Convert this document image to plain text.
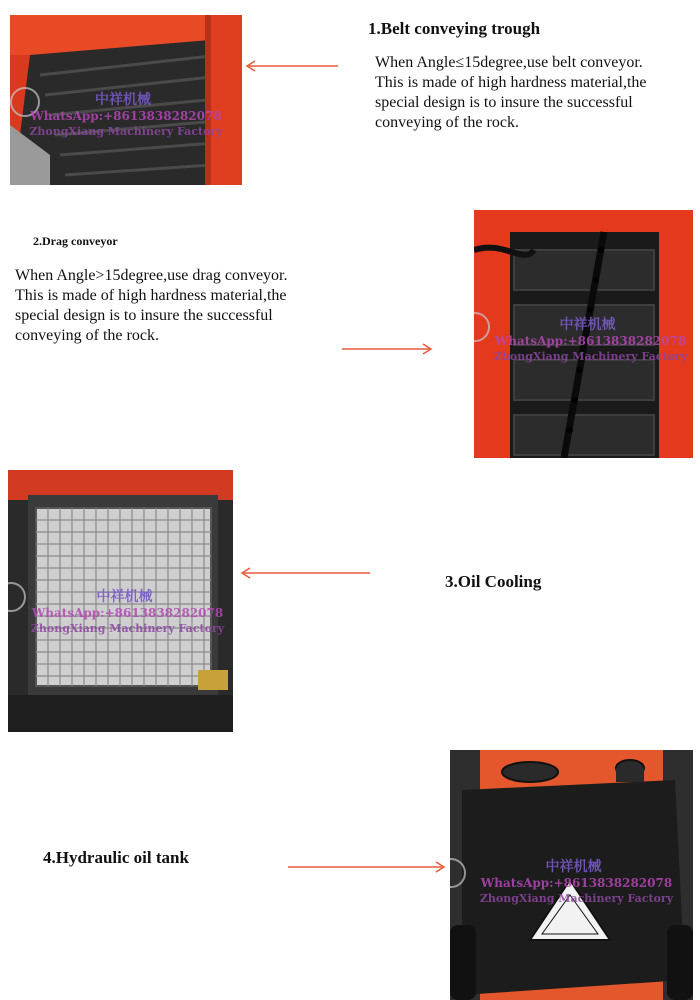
中祥机械WhatsApp:+8613838282078
ZhongXiang Machinery Factory
1.Belt conveying trough
When Angle≤15degree,use belt conveyor.
This is made of high hardness material,the
special design is to insure the successful
conveying of the rock.
2.Drag conveyor
When Angle>15degree,use drag conveyor.
This is made of high hardness material,the
special design is to insure the successful
conveying of the rock.
中祥机械WhatsApp:+8613838282078
ZhongXiang Machinery Factory
中祥机械WhatsApp:+8613838282078
ZhongXiang Machinery Factory
3.Oil Cooling
4.Hydraulic oil tank	中祥机械WhatsApp:+8613838282078
ZhongXiang Machinery Factory
